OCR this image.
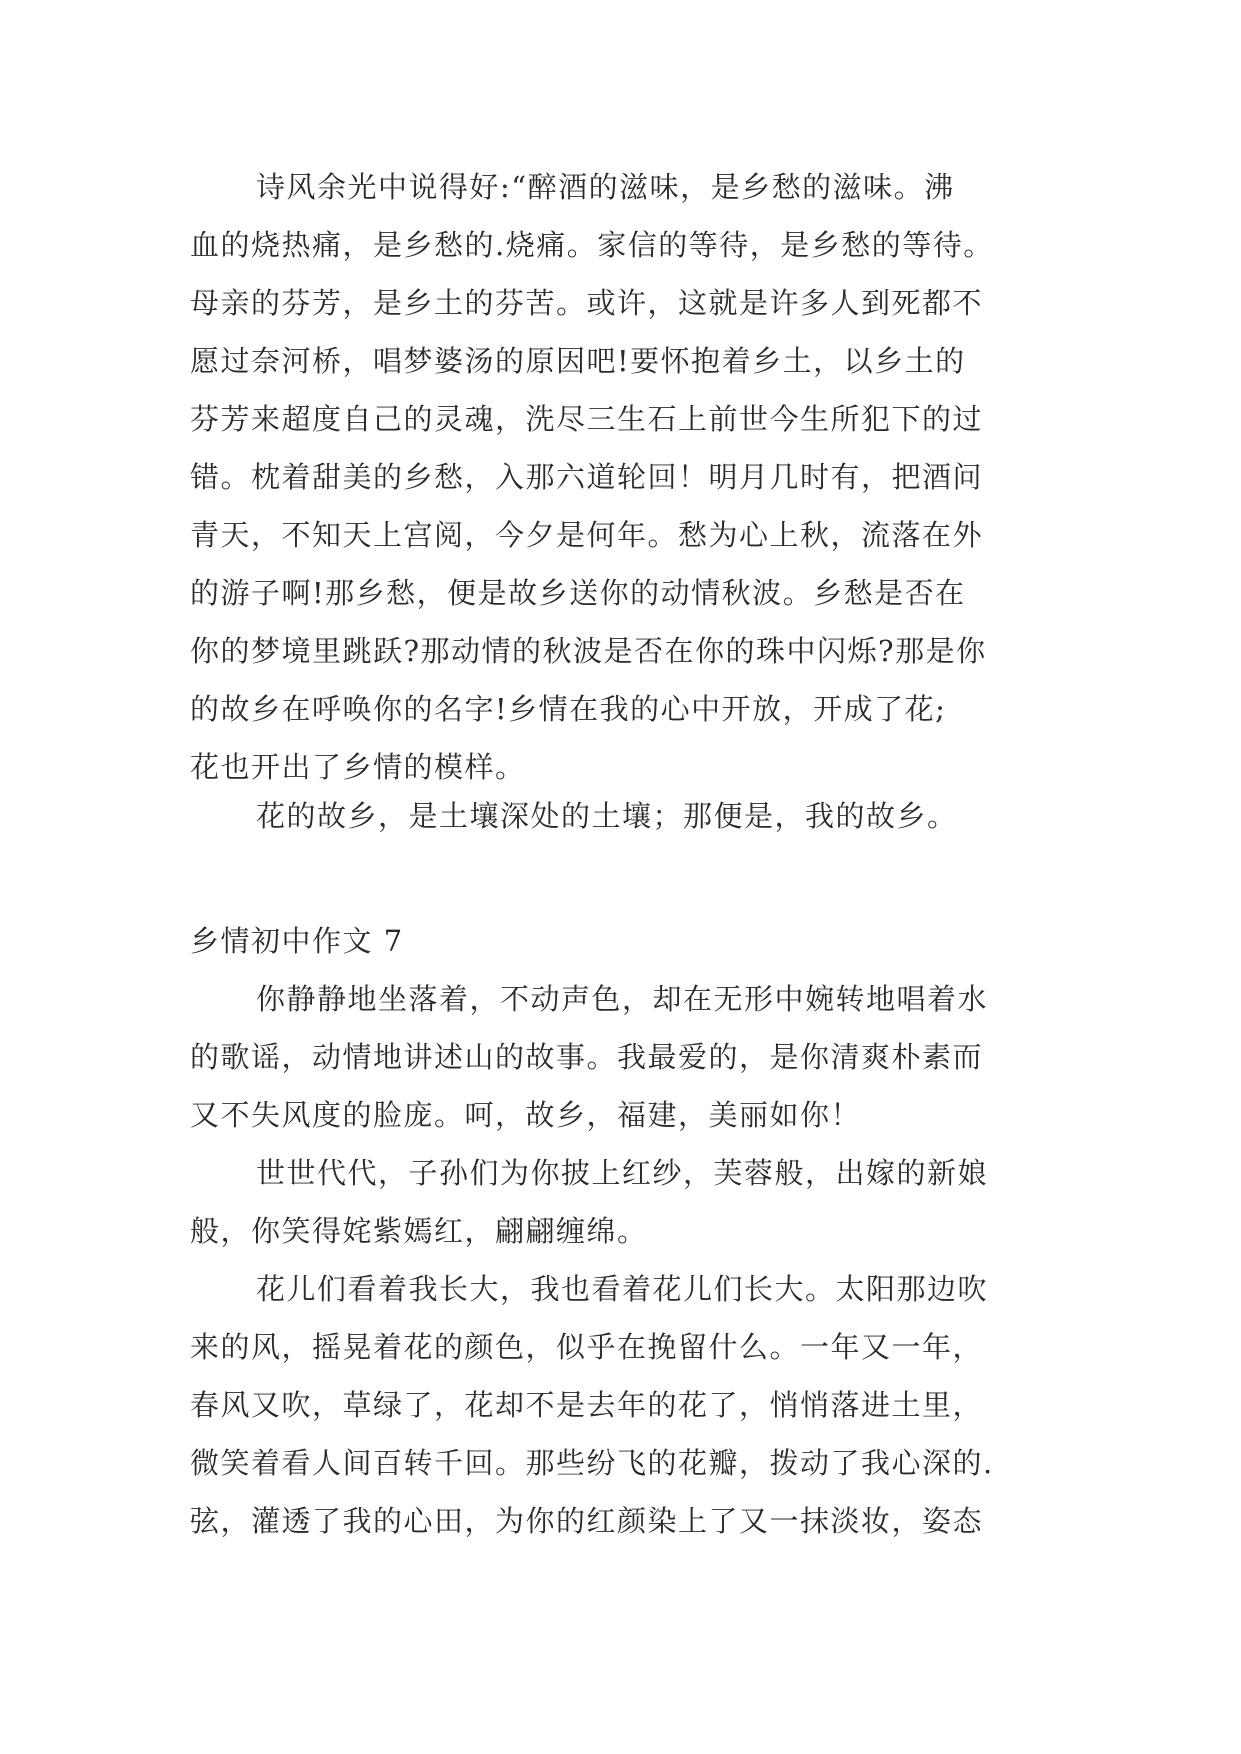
诗风余光中说得好:“醉酒的滋味，是乡愁的滋味。沸
血的烧热痛，是乡愁的.烧痛。家信的等待，是乡愁的等待。
母亲的芬芳，是乡土的芬苦。或许，这就是许多人到死都不
愿过奈河桥，唱梦婆汤的原因吧!要怀抱着乡土，以乡土的
芬芳来超度自己的灵魂，洗尽三生石上前世今生所犯下的过
错。枕着甜美的乡愁，入那六道轮回！明月几时有，把酒问
青天，不知天上宫阅，今夕是何年。愁为心上秋，流落在外
的游子啊!那乡愁，便是故乡送你的动情秋波。乡愁是否在
你的梦境里跳跃?那动情的秋波是否在你的珠中闪烁?那是你
的故乡在呼唤你的名字!乡情在我的心中开放，开成了花;
花也开出了乡情的模样。
花的故乡，是土壤深处的土壤；那便是，我的故乡。
乡情初中作文 7
你静静地坐落着，不动声色，却在无形中婉转地唱着水
的歌谣，动情地讲述山的故事。我最爱的，是你清爽朴素而
又不失风度的脸庞。呵，故乡，福建，美丽如你！
世世代代，子孙们为你披上红纱，芙蓉般，出嫁的新娘
般，你笑得姹紫嫣红，翩翩缠绵。
花儿们看着我长大，我也看着花儿们长大。太阳那边吹
来的风，摇晃着花的颜色，似乎在挽留什么。一年又一年，
春风又吹，草绿了，花却不是去年的花了，悄悄落进土里，
微笑着看人间百转千回。那些纷飞的花瓣，拨动了我心深的.
弦，灌透了我的心田，为你的红颜染上了又一抹淡妆，姿态
